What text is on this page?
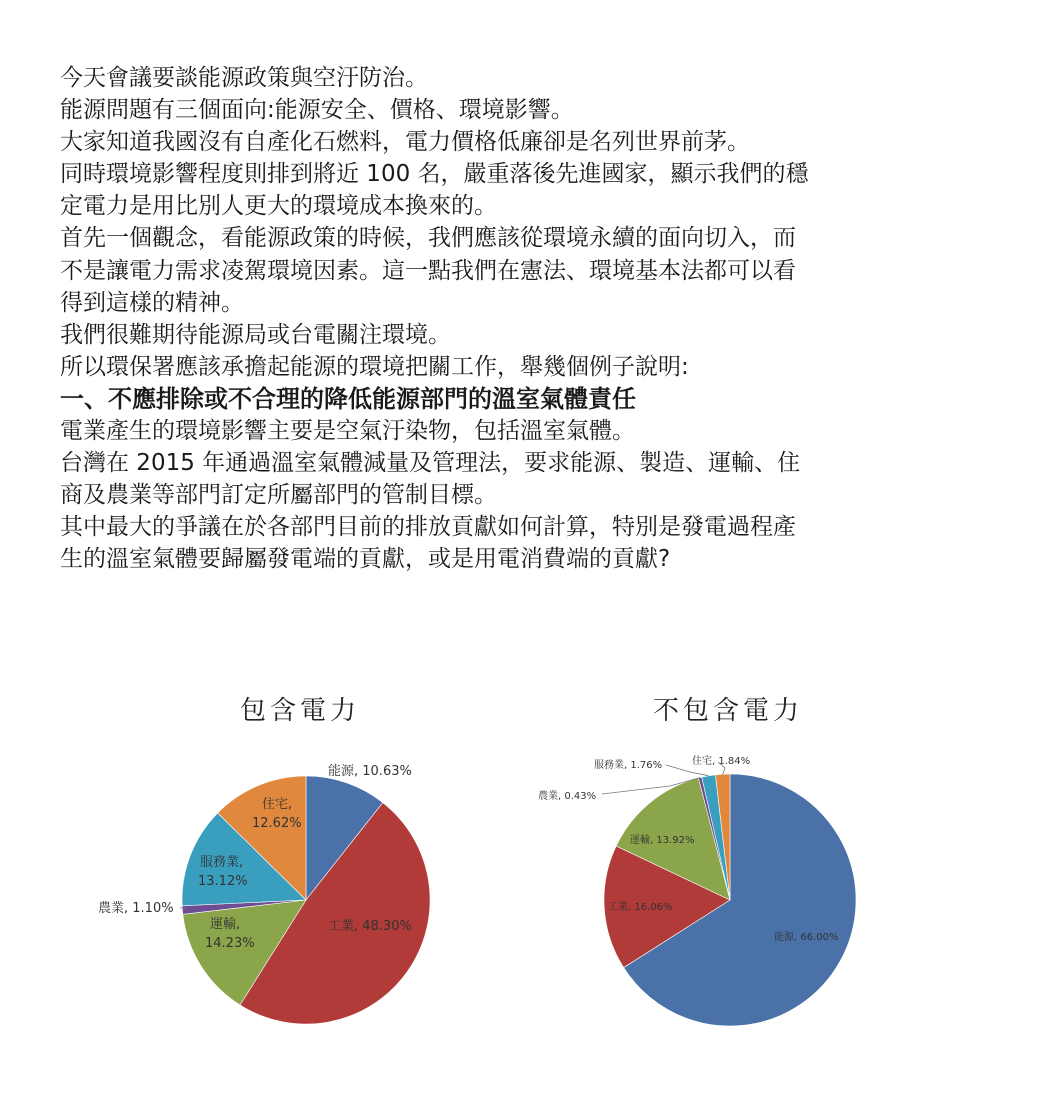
今天會議要談能源政策與空汙防治。

能源問題有三個面向:能源安全、價格、環境影響。

大家知道我國沒有自產化石燃料，電力價格低廉卻是名列世界前茅。

同時環境影響程度則排到將近 100 名，嚴重落後先進國家，顯示我們的穩

定電力是用比別人更大的環境成本換來的。

首先一個觀念，看能源政策的時候，我們應該從環境永續的面向切入，而

不是讓電力需求凌駕環境因素。這一點我們在憲法、環境基本法都可以看

得到這樣的精神。

我們很難期待能源局或台電關注環境。

所以環保署應該承擔起能源的環境把關工作，舉幾個例子說明:

一、不應排除或不合理的降低能源部門的溫室氣體責任

電業產生的環境影響主要是空氣汙染物，包括溫室氣體。

台灣在 2015 年通過溫室氣體減量及管理法，要求能源、製造、運輸、住

商及農業等部門訂定所屬部門的管制目標。

其中最大的爭議在於各部門目前的排放貢獻如何計算，特別是發電過程產

生的溫室氣體要歸屬發電端的貢獻，或是用電消費端的貢獻?

包含電力	不包含電力
能源, 10.63%
工業, 48.30%
運輸,
14.23%
農業, 1.10%
服務業,
13.12%
住宅,
12.62%
能源, 66.00%
工業, 16.06%
運輸, 13.92%
農業, 0.43%
服務業, 1.76%	住宅, 1.84%
